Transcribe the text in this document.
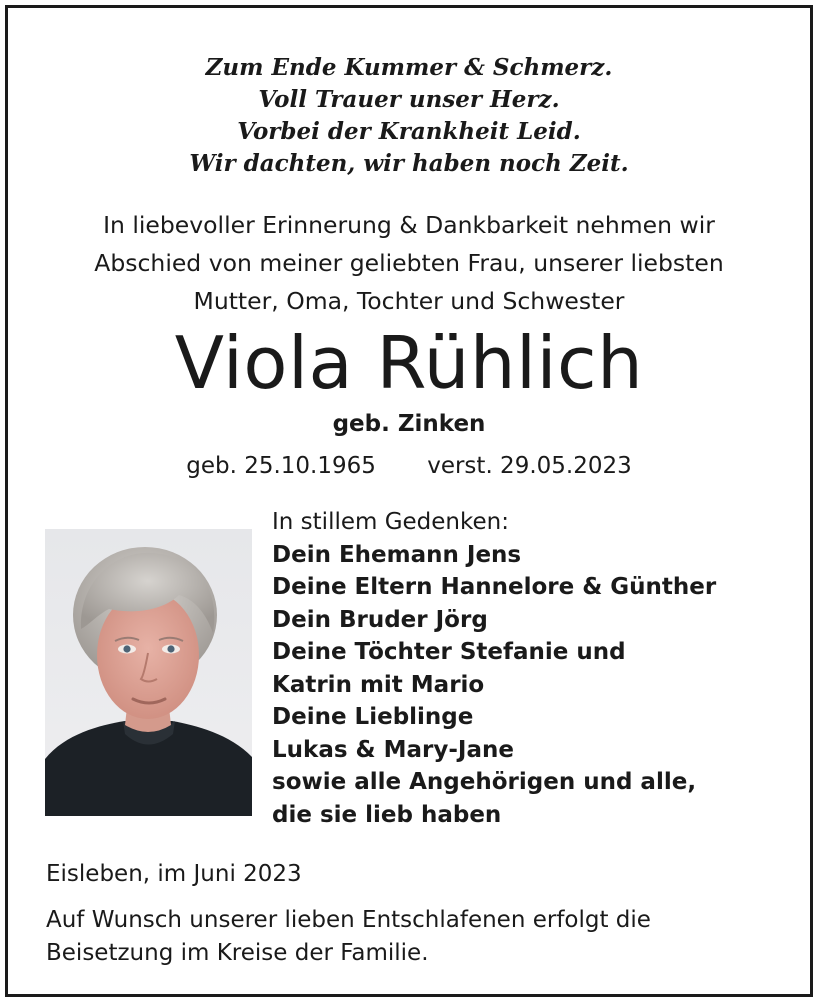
Zum Ende Kummer & Schmerz.
Voll Trauer unser Herz.
Vorbei der Krankheit Leid.
Wir dachten, wir haben noch Zeit.
In liebevoller Erinnerung & Dankbarkeit nehmen wir
Abschied von meiner geliebten Frau, unserer liebsten
Mutter, Oma, Tochter und Schwester
Viola Rühlich
geb. Zinken
geb. 25.10.1965 verst. 29.05.2023
In stillem Gedenken:
Dein Ehemann Jens
Deine Eltern Hannelore & Günther
Dein Bruder Jörg
Deine Töchter Stefanie und
Katrin mit Mario
Deine Lieblinge
Lukas & Mary-Jane
sowie alle Angehörigen und alle,
die sie lieb haben
Eisleben, im Juni 2023
Auf Wunsch unserer lieben Entschlafenen erfolgt die
Beisetzung im Kreise der Familie.
